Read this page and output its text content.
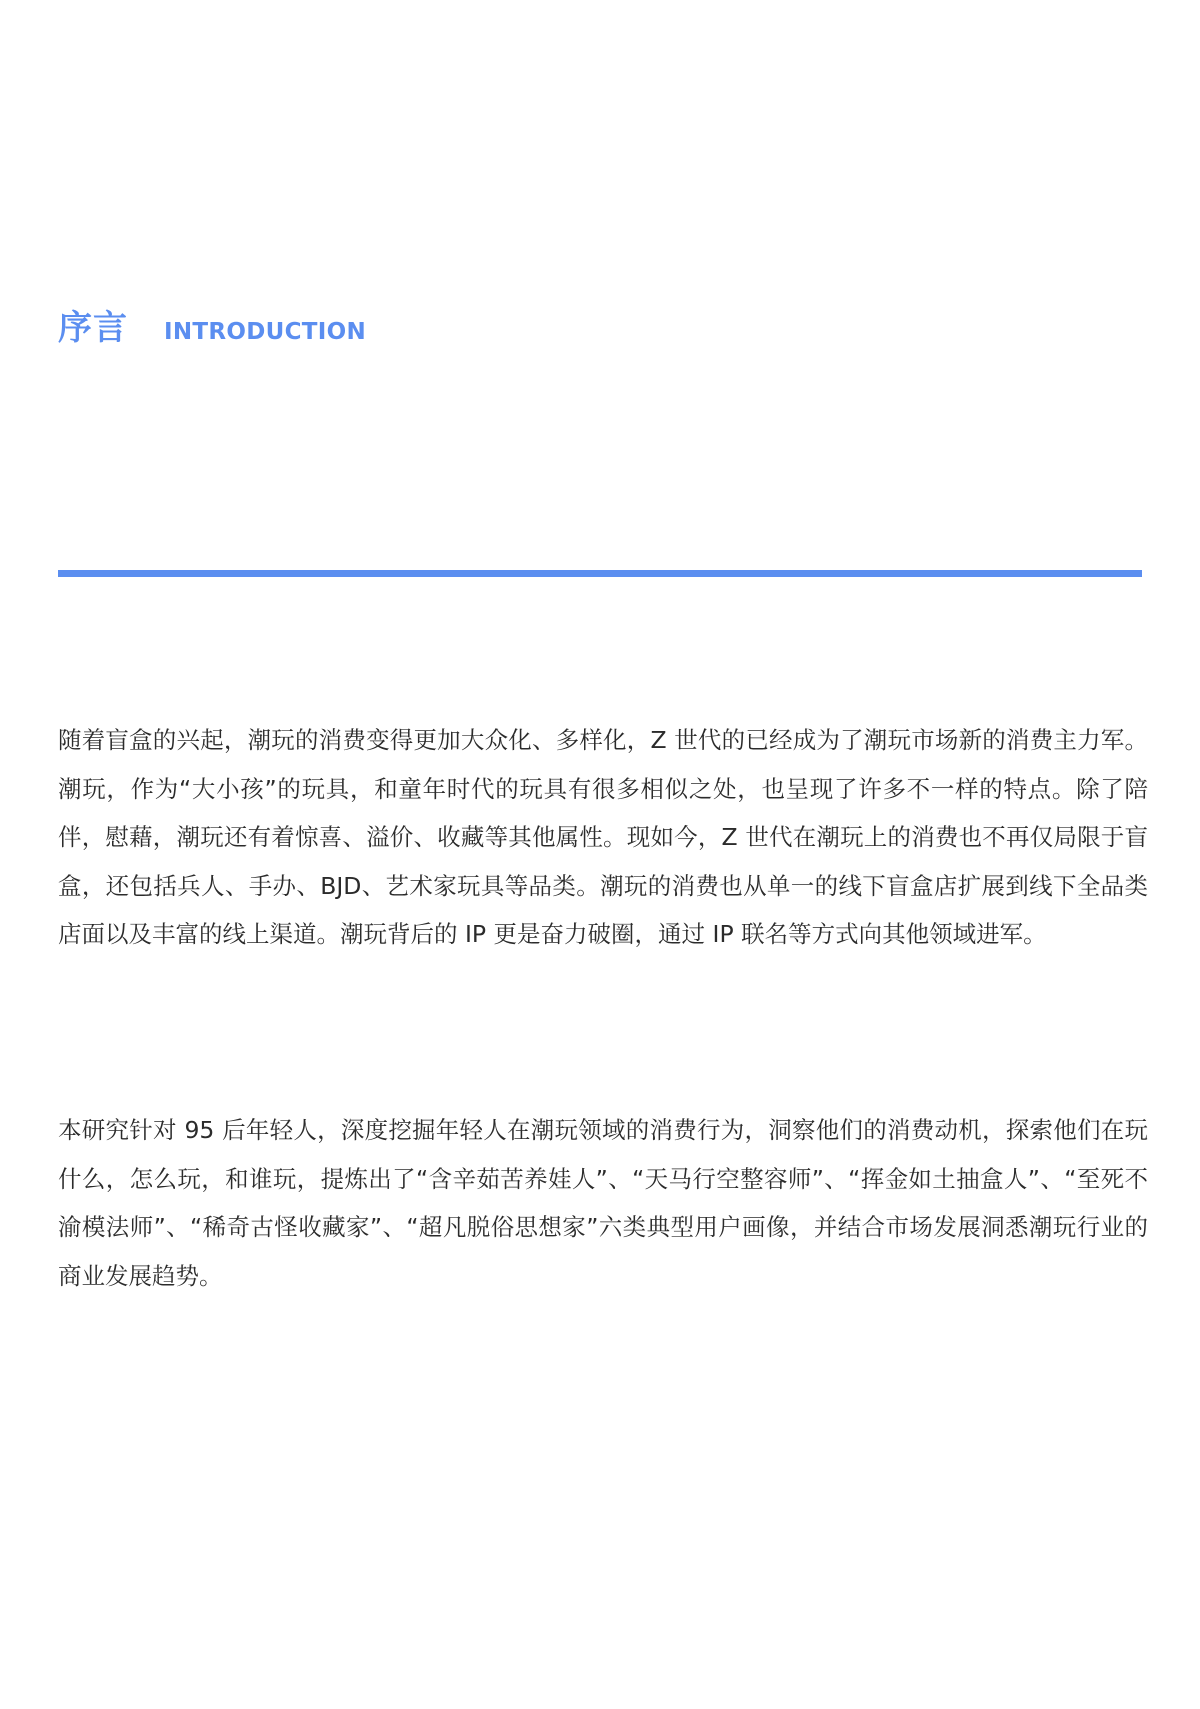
序言 INTRODUCTION

随着盲盒的兴起，潮玩的消费变得更加大众化、多样化，Z 世代的已经成为了潮玩市场新的消费主力军。潮玩，作为“大小孩”的玩具，和童年时代的玩具有很多相似之处，也呈现了许多不一样的特点。除了陪伴，慰藉，潮玩还有着惊喜、溢价、收藏等其他属性。现如今，Z 世代在潮玩上的消费也不再仅局限于盲盒，还包括兵人、手办、BJD、艺术家玩具等品类。潮玩的消费也从单一的线下盲盒店扩展到线下全品类店面以及丰富的线上渠道。潮玩背后的 IP 更是奋力破圈，通过 IP 联名等方式向其他领域进军。

本研究针对 95 后年轻人，深度挖掘年轻人在潮玩领域的消费行为，洞察他们的消费动机，探索他们在玩什么，怎么玩，和谁玩，提炼出了“含辛茹苦养娃人”、“天马行空整容师”、“挥金如土抽盒人”、“至死不渝模法师”、“稀奇古怪收藏家”、“超凡脱俗思想家”六类典型用户画像，并结合市场发展洞悉潮玩行业的商业发展趋势。
